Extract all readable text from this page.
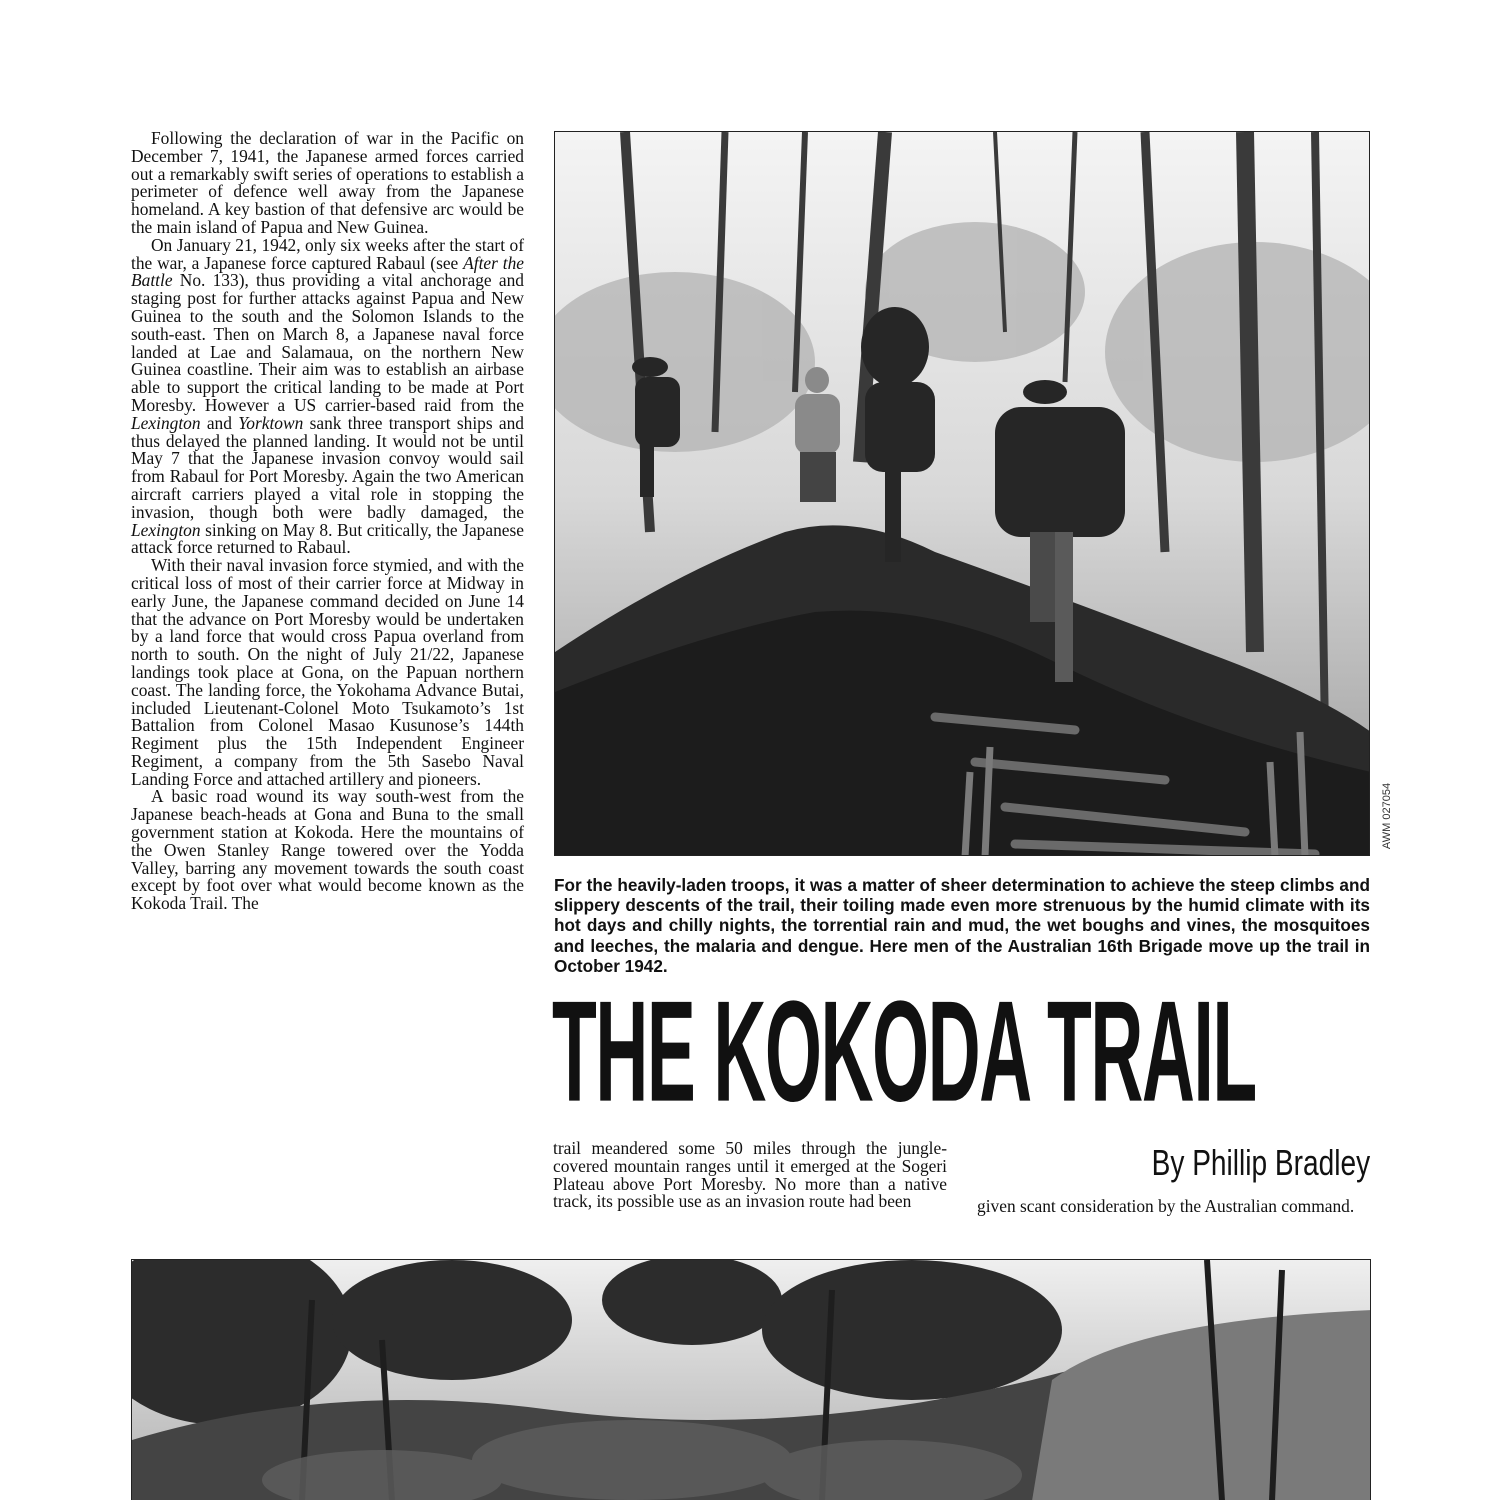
Following the declaration of war in the Pacific on December 7, 1941, the Japanese armed forces carried out a remarkably swift series of operations to establish a perimeter of defence well away from the Japanese homeland. A key bastion of that defensive arc would be the main island of Papua and New Guinea.

On January 21, 1942, only six weeks after the start of the war, a Japanese force captured Rabaul (see After the Battle No. 133), thus providing a vital anchorage and staging post for further attacks against Papua and New Guinea to the south and the Solomon Islands to the south-east. Then on March 8, a Japanese naval force landed at Lae and Salamaua, on the northern New Guinea coastline. Their aim was to establish an airbase able to support the critical landing to be made at Port Moresby. However a US carrier-based raid from the Lexington and Yorktown sank three transport ships and thus delayed the planned landing. It would not be until May 7 that the Japanese invasion convoy would sail from Rabaul for Port Moresby. Again the two American aircraft carriers played a vital role in stopping the invasion, though both were badly damaged, the Lexington sinking on May 8. But critically, the Japanese attack force returned to Rabaul.

With their naval invasion force stymied, and with the critical loss of most of their carrier force at Midway in early June, the Japanese command decided on June 14 that the advance on Port Moresby would be undertaken by a land force that would cross Papua overland from north to south. On the night of July 21/22, Japanese landings took place at Gona, on the Papuan northern coast. The landing force, the Yokohama Advance Butai, included Lieutenant-Colonel Moto Tsukamoto’s 1st Battalion from Colonel Masao Kusunose’s 144th Regiment plus the 15th Independent Engineer Regiment, a company from the 5th Sasebo Naval Landing Force and attached artillery and pioneers.

A basic road wound its way south-west from the Japanese beach-heads at Gona and Buna to the small government station at Kokoda. Here the mountains of the Owen Stanley Range towered over the Yodda Valley, barring any movement towards the south coast except by foot over what would become known as the Kokoda Trail. The

AWM 027054
For the heavily-laden troops, it was a matter of sheer determination to achieve the steep climbs and slippery descents of the trail, their toiling made even more strenuous by the humid climate with its hot days and chilly nights, the torrential rain and mud, the wet boughs and vines, the mosquitoes and leeches, the malaria and dengue. Here men of the Australian 16th Brigade move up the trail in October 1942.
THE KOKODA TRAIL
By Phillip Bradley

trail meandered some 50 miles through the jungle-covered mountain ranges until it emerged at the Sogeri Plateau above Port Moresby. No more than a native track, its possible use as an invasion route had been	given scant consideration by the Australian command.
